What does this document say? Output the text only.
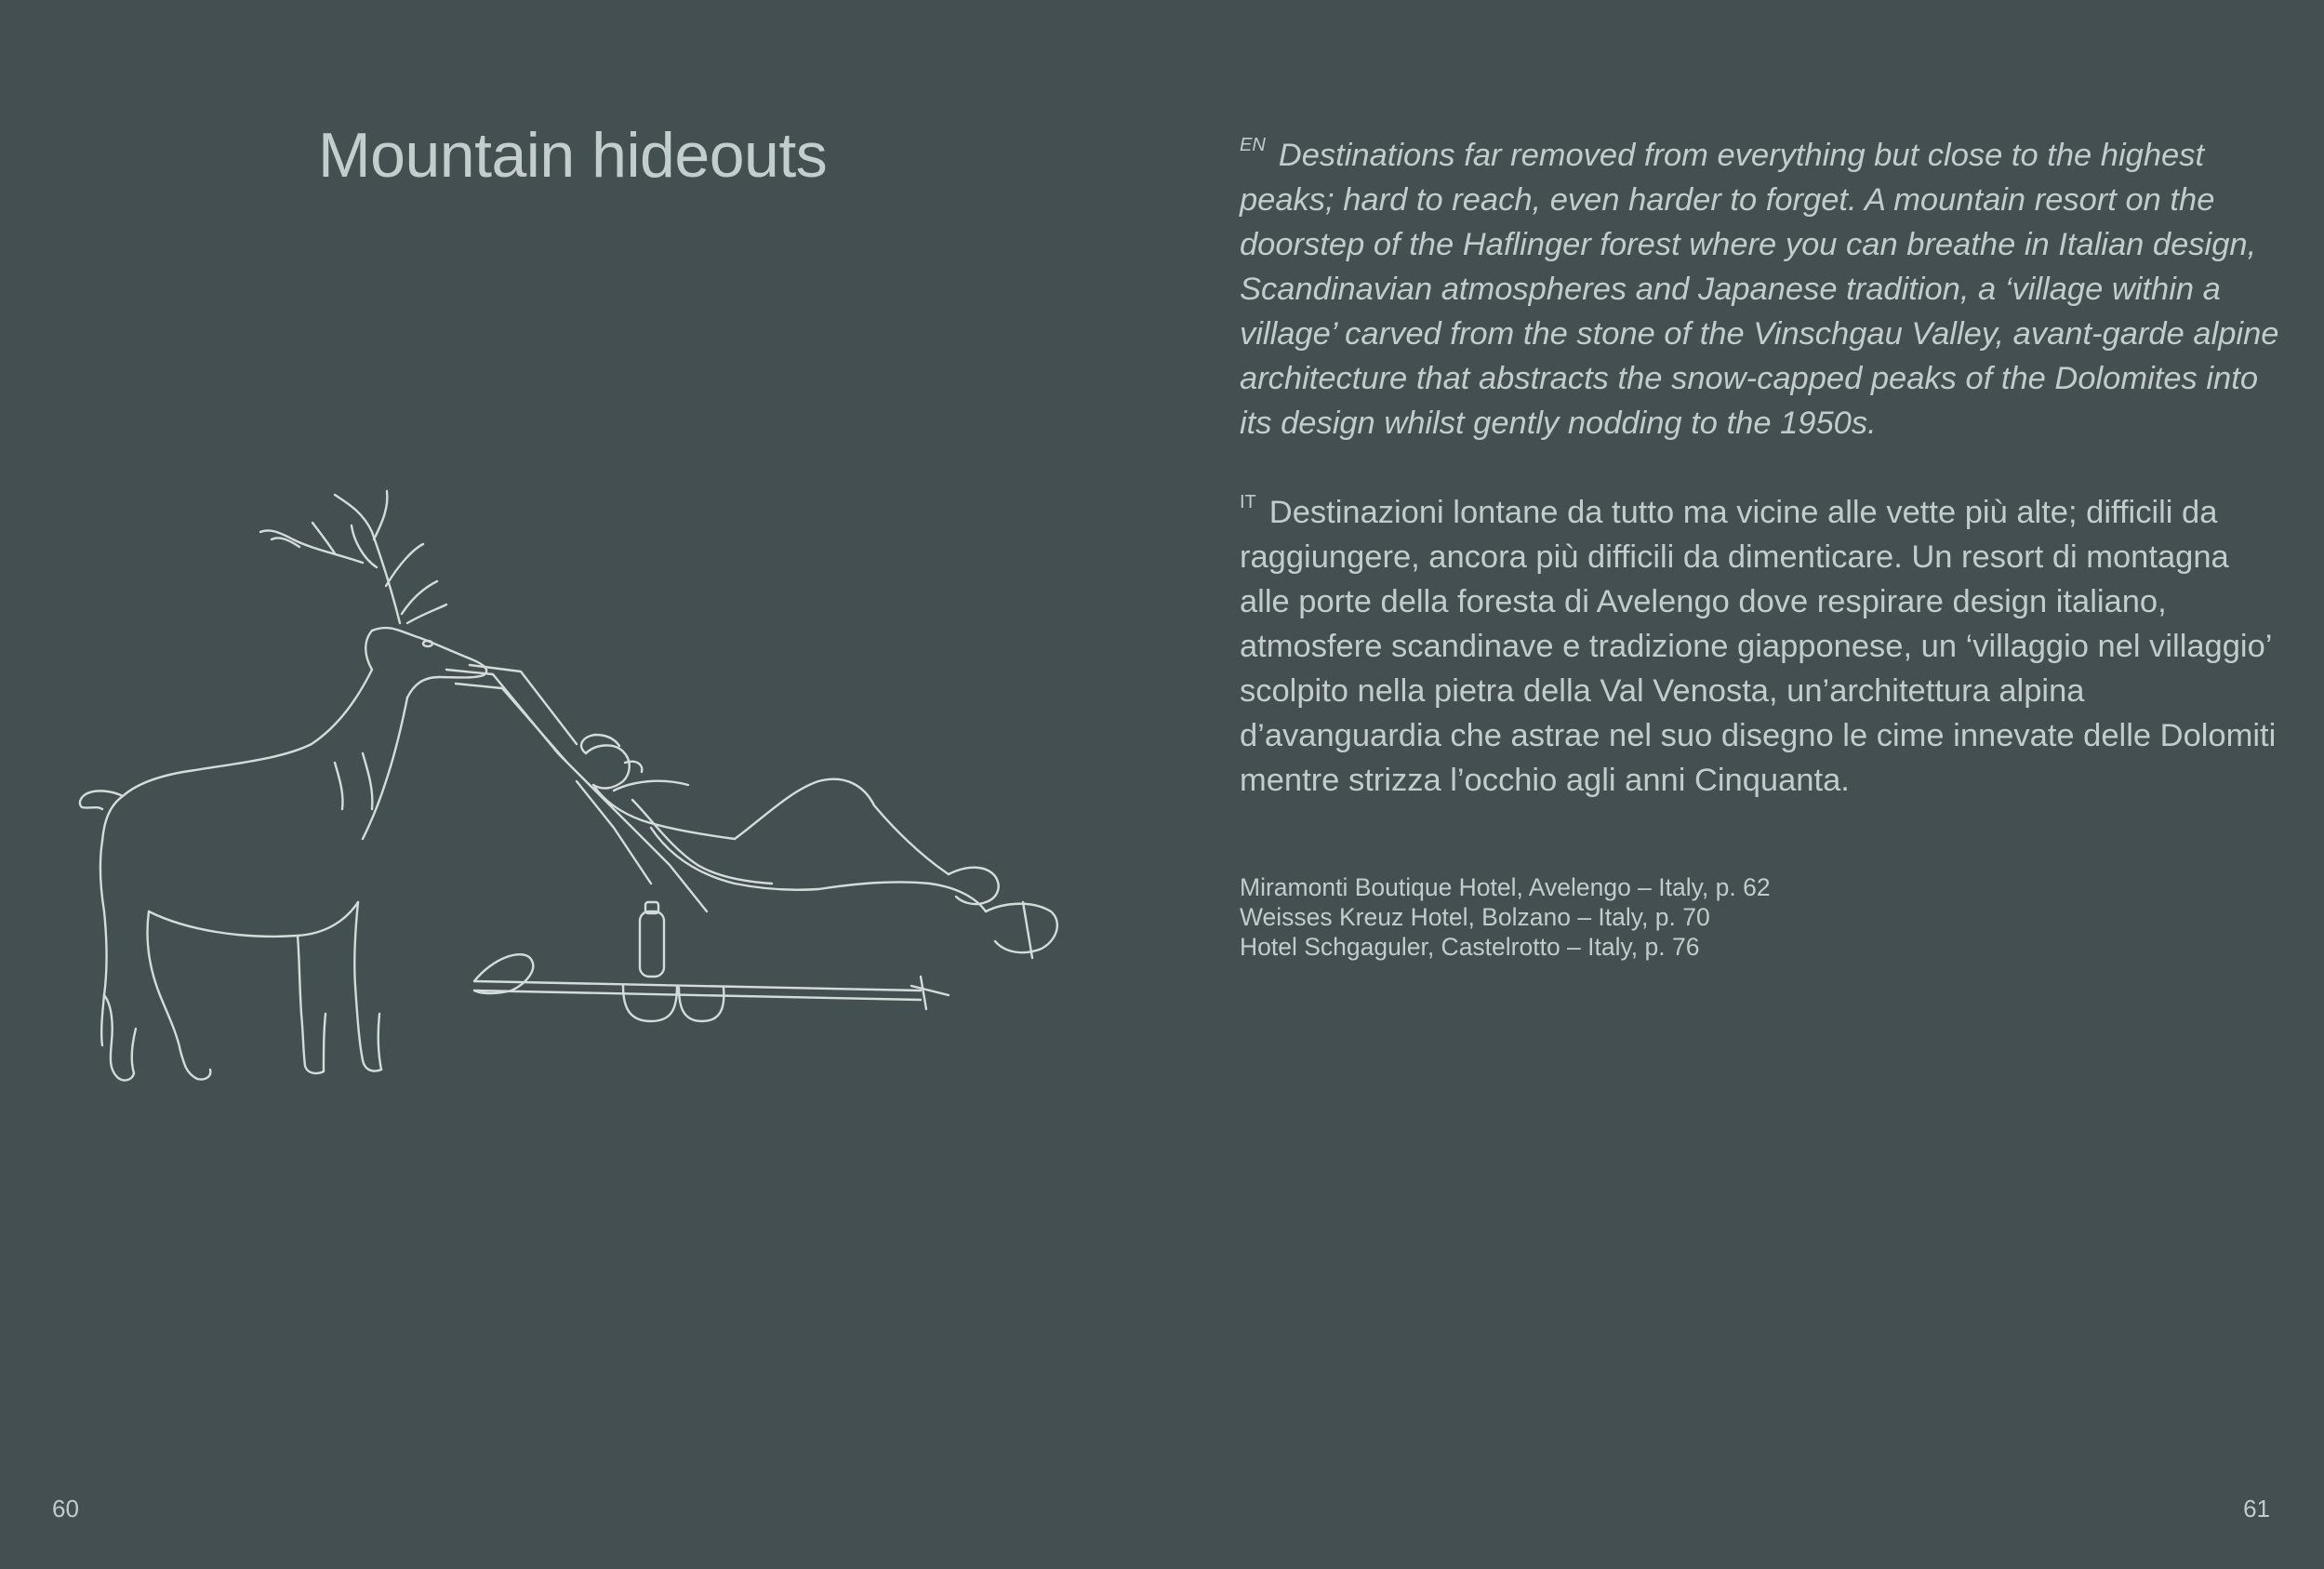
Mountain hideouts	$^{EN}$ Destinations far removed from everything but close to the highest peaks; hard to reach, even harder to forget. A mountain resort on the doorstep of the Haflinger forest where you can breathe in Italian design, Scandinavian atmospheres and Japanese tradition, a ‘village within a village’ carved from the stone of the Vinschgau Valley, avant-garde alpine architecture that abstracts the snow-capped peaks of the Dolomites into its design whilst gently nodding to the 1950s.

$^{IT}$ Destinazioni lontane da tutto ma vicine alle vette più alte; difficili da raggiungere, ancora più difficili da dimenticare. Un resort di montagna alle porte della foresta di Avelengo dove respirare design italiano, atmosfere scandinave e tradizione giapponese, un ‘villaggio nel villaggio’ scolpito nella pietra della Val Venosta, un’architettura alpina d’avanguardia che astrae nel suo disegno le cime innevate delle Dolomiti mentre strizza l’occhio agli anni Cinquanta.

Miramonti Boutique Hotel, Avelengo – Italy, p. 62
Weisses Kreuz Hotel, Bolzano – Italy, p. 70
Hotel Schgaguler, Castelrotto – Italy, p. 76
60	61
